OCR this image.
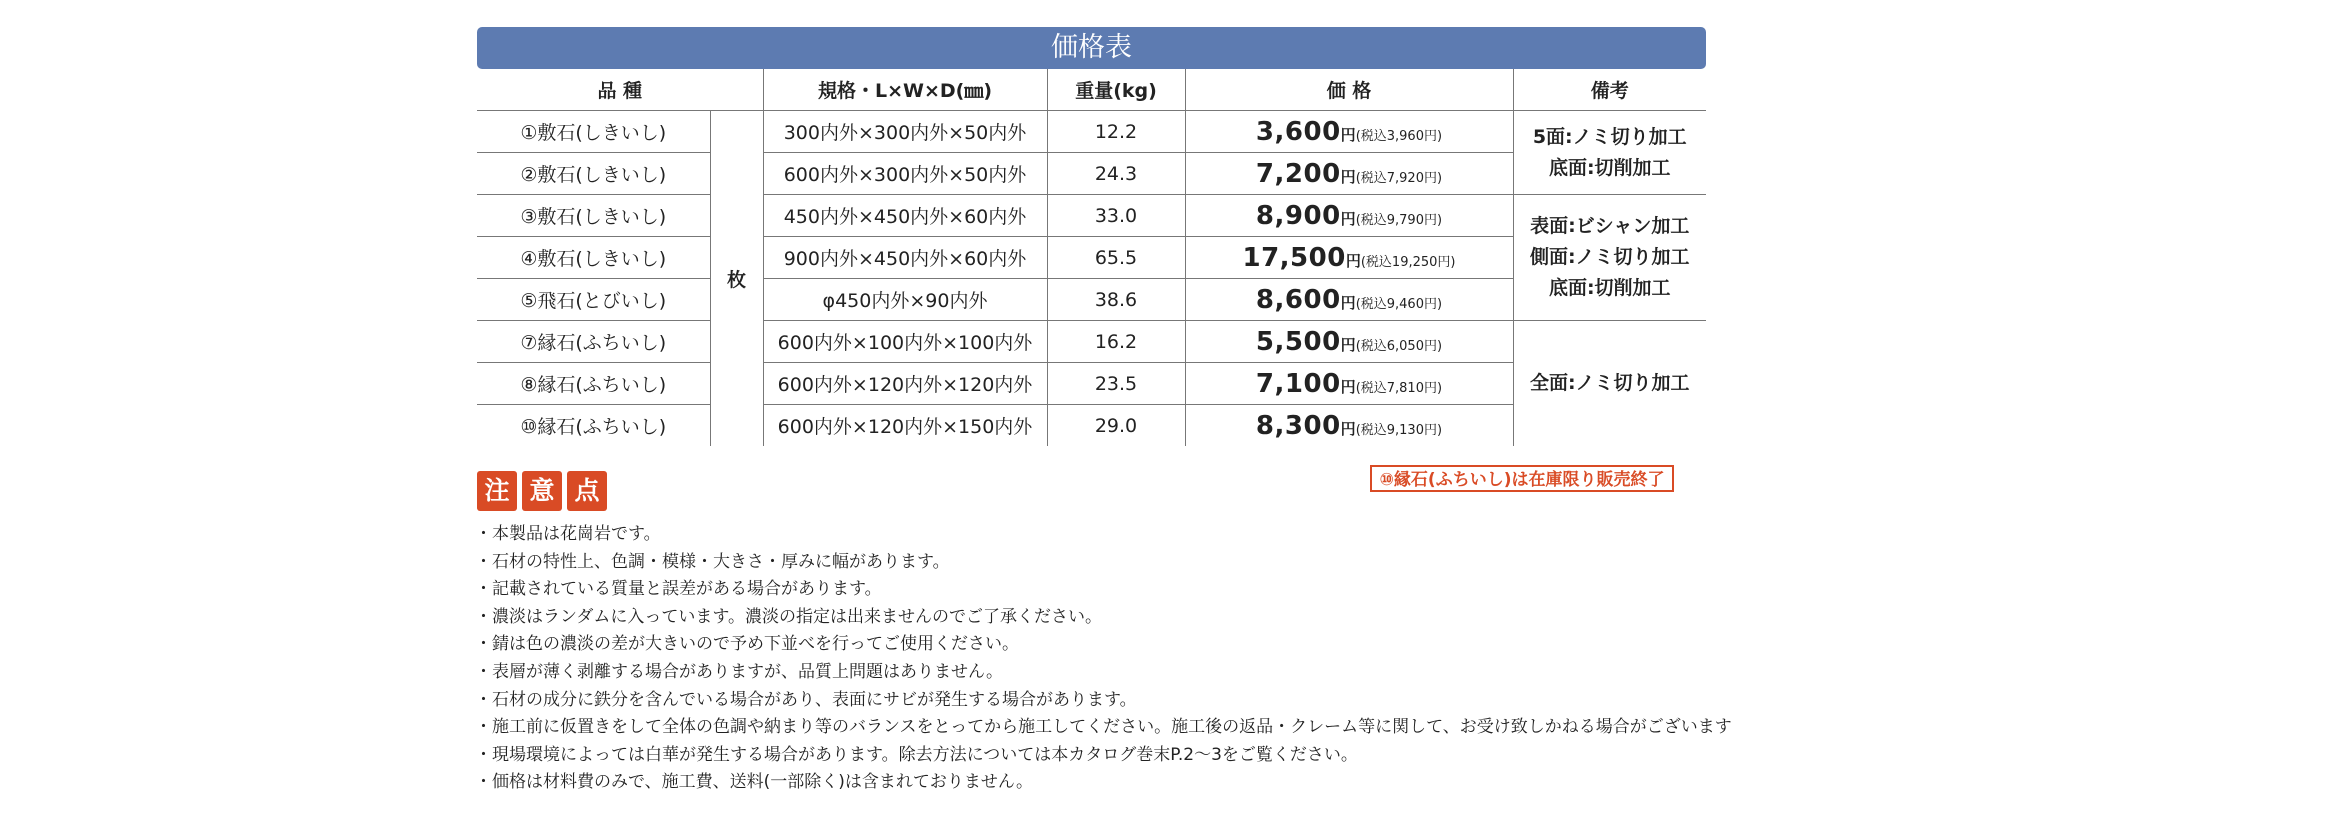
価格表
品 種		規格・L×W×D(㎜)	重量(kg)	価 格	備考
①敷石(しきいし)	枚	300内外×300内外×50内外	12.2	3,600円(税込3,960円)	5面:ノミ切り加工
底面:切削加工

②敷石(しきいし)		600内外×300内外×50内外	24.3	7,200円(税込7,920円)	
③敷石(しきいし)		450内外×450内外×60内外	33.0	8,900円(税込9,790円)	表面:ビシャン加工
側面:ノミ切り加工
底面:切削加工

④敷石(しきいし)		900内外×450内外×60内外	65.5	17,500円(税込19,250円)	
⑤飛石(とびいし)		φ450内外×90内外	38.6	8,600円(税込9,460円)	
⑦縁石(ふちいし)		600内外×100内外×100内外	16.2	5,500円(税込6,050円)	全面:ノミ切り加工

⑧縁石(ふちいし)		600内外×120内外×120内外	23.5	7,100円(税込7,810円)	
⑩縁石(ふちいし)		600内外×120内外×150内外	29.0	8,300円(税込9,130円)	
⑩縁石(ふちいし)は在庫限り販売終了
注 意 点
・本製品は花崗岩です。
・石材の特性上、色調・模様・大きさ・厚みに幅があります。
・記載されている質量と誤差がある場合があります。
・濃淡はランダムに入っています。濃淡の指定は出来ませんのでご了承ください。
・錆は色の濃淡の差が大きいので予め下並べを行ってご使用ください。
・表層が薄く剥離する場合がありますが、品質上問題はありません。
・石材の成分に鉄分を含んでいる場合があり、表面にサビが発生する場合があります。
・施工前に仮置きをして全体の色調や納まり等のバランスをとってから施工してください。施工後の返品・クレーム等に関して、お受け致しかねる場合がございます
・現場環境によっては白華が発生する場合があります。除去方法については本カタログ巻末P.2〜3をご覧ください。
・価格は材料費のみで、施工費、送料(一部除く)は含まれておりません。
